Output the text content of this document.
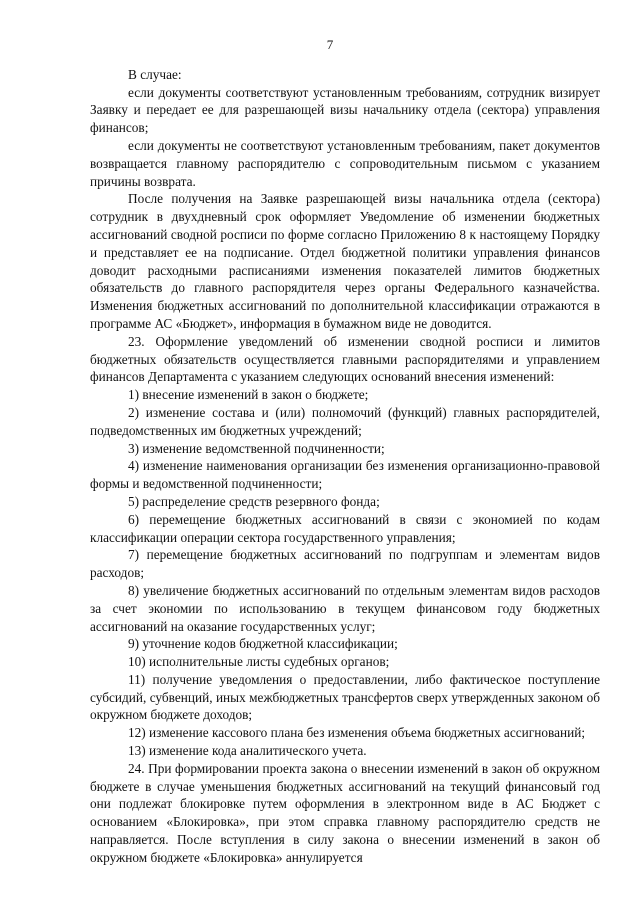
7

В случае:

если документы соответствуют установленным требованиям, сотрудник визирует Заявку и передает ее для разрешающей визы начальнику отдела (сектора) управления финансов;

если документы не соответствуют установленным требованиям, пакет документов возвращается главному распорядителю с сопроводительным письмом с указанием причины возврата.

После получения на Заявке разрешающей визы начальника отдела (сектора) сотрудник в двухдневный срок оформляет Уведомление об изменении бюджетных ассигнований сводной росписи по форме согласно Приложению 8 к настоящему Порядку и представляет ее на подписание. Отдел бюджетной политики управления финансов доводит расходными расписаниями изменения показателей лимитов бюджетных обязательств до главного распорядителя через органы Федерального казначейства. Изменения бюджетных ассигнований по дополнительной классификации отражаются в программе АС «Бюджет», информация в бумажном виде не доводится.

23. Оформление уведомлений об изменении сводной росписи и лимитов бюджетных обязательств осуществляется главными распорядителями и управлением финансов Департамента с указанием следующих оснований внесения изменений:

1) внесение изменений в закон о бюджете;

2) изменение состава и (или) полномочий (функций) главных распорядителей, подведомственных им бюджетных учреждений;

3) изменение ведомственной подчиненности;

4) изменение наименования организации без изменения организационно-правовой формы и ведомственной подчиненности;

5) распределение средств резервного фонда;

6) перемещение бюджетных ассигнований в связи с экономией по кодам классификации операции сектора государственного управления;

7) перемещение бюджетных ассигнований по подгруппам и элементам видов расходов;

8) увеличение бюджетных ассигнований по отдельным элементам видов расходов за счет экономии по использованию в текущем финансовом году бюджетных ассигнований на оказание государственных услуг;

9) уточнение кодов бюджетной классификации;

10) исполнительные листы судебных органов;

11) получение уведомления о предоставлении, либо фактическое поступление субсидий, субвенций, иных межбюджетных трансфертов сверх утвержденных законом об окружном бюджете доходов;

12) изменение кассового плана без изменения объема бюджетных ассигнований;

13) изменение кода аналитического учета.

24. При формировании проекта закона о внесении изменений в закон об окружном бюджете в случае уменьшения бюджетных ассигнований на текущий финансовый год они подлежат блокировке путем оформления в электронном виде в АС Бюджет с основанием «Блокировка», при этом справка главному распорядителю средств не направляется. После вступления в силу закона о внесении изменений в закон об окружном бюджете «Блокировка» аннулируется
